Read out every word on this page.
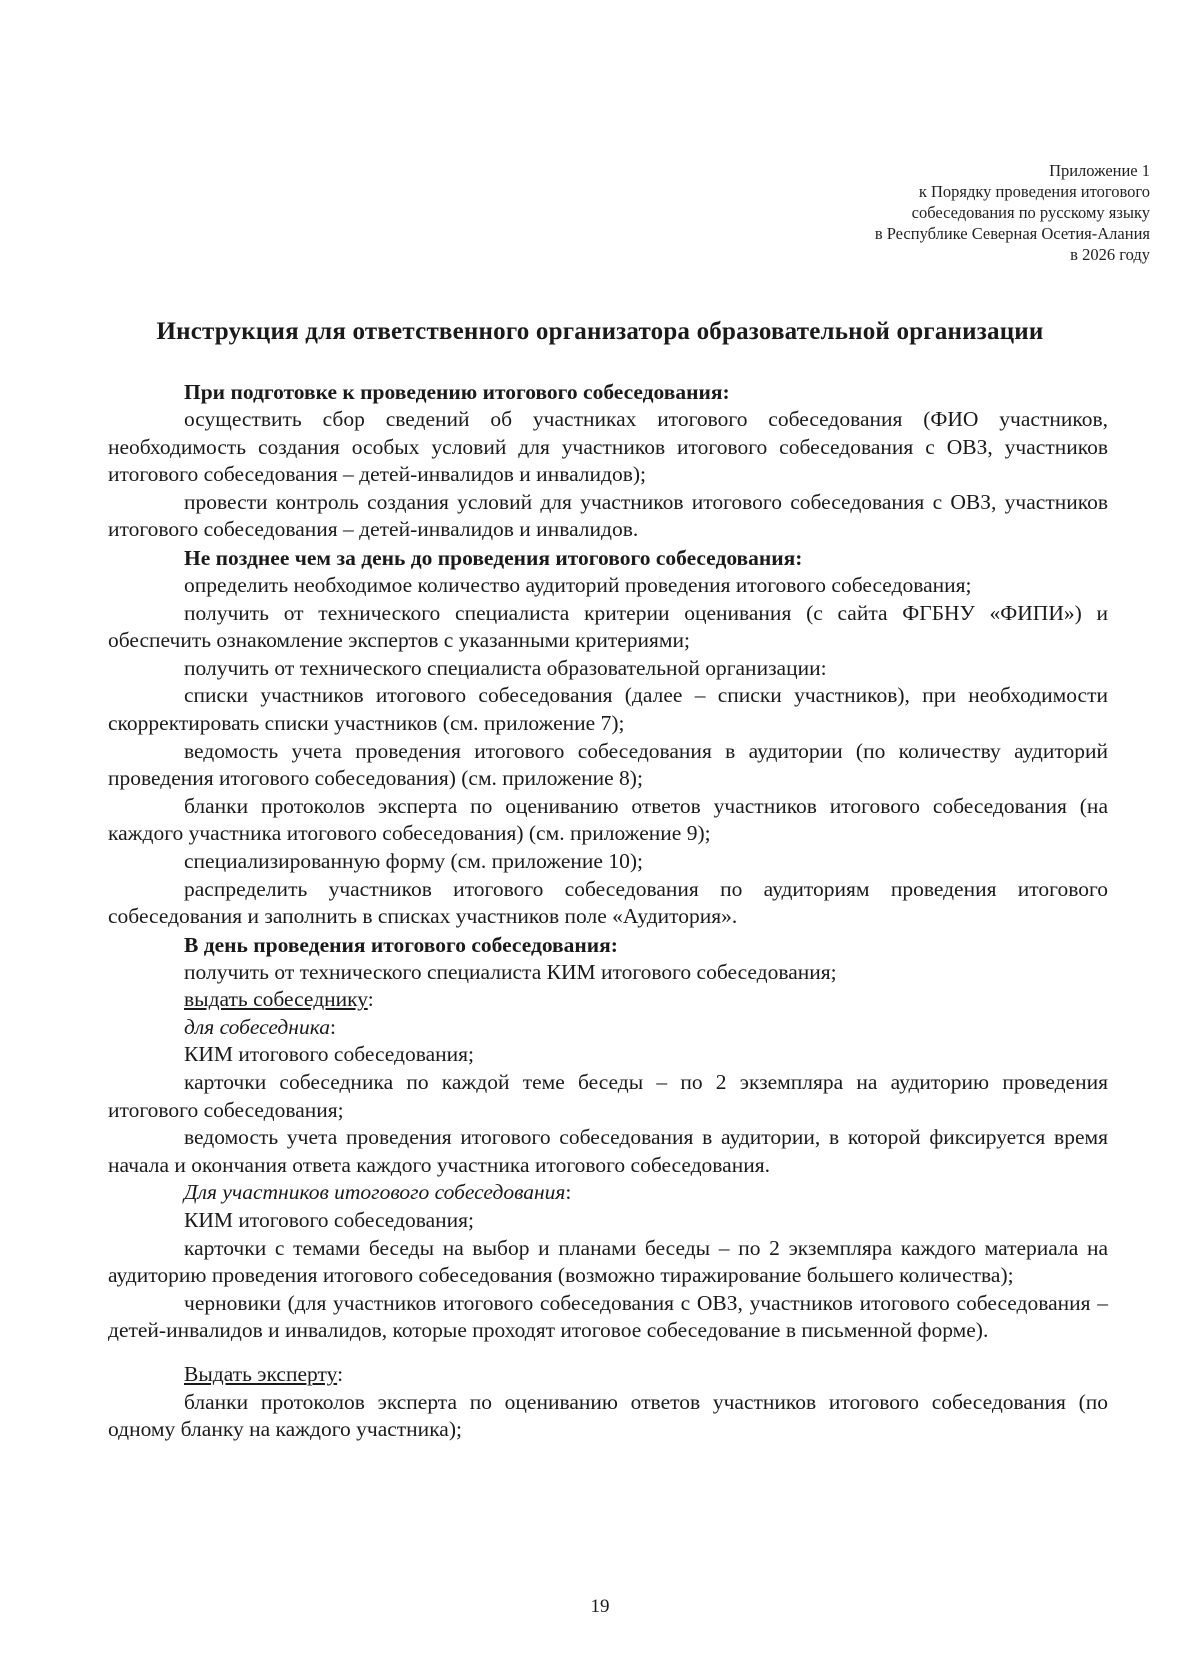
Приложение 1
к Порядку проведения итогового
собеседования по русскому языку
в Республике Северная Осетия-Алания
в 2026 году
Инструкция для ответственного организатора образовательной организации
При подготовке к проведению итогового собеседования:
осуществить сбор сведений об участниках итогового собеседования (ФИО участников, необходимость создания особых условий для участников итогового собеседования с ОВЗ, участников итогового собеседования – детей-инвалидов и инвалидов);
провести контроль создания условий для участников итогового собеседования с ОВЗ, участников итогового собеседования – детей-инвалидов и инвалидов.
Не позднее чем за день до проведения итогового собеседования:
определить необходимое количество аудиторий проведения итогового собеседования;
получить от технического специалиста критерии оценивания (с сайта ФГБНУ «ФИПИ») и обеспечить ознакомление экспертов с указанными критериями;
получить от технического специалиста образовательной организации:
списки участников итогового собеседования (далее – списки участников), при необходимости скорректировать списки участников (см. приложение 7);
ведомость учета проведения итогового собеседования в аудитории (по количеству аудиторий проведения итогового собеседования) (см. приложение 8);
бланки протоколов эксперта по оцениванию ответов участников итогового собеседования (на каждого участника итогового собеседования) (см. приложение 9);
специализированную форму (см. приложение 10);
распределить участников итогового собеседования по аудиториям проведения итогового собеседования и заполнить в списках участников поле «Аудитория».
В день проведения итогового собеседования:
получить от технического специалиста КИМ итогового собеседования;
выдать собеседнику:
для собеседника:
КИМ итогового собеседования;
карточки собеседника по каждой теме беседы – по 2 экземпляра на аудиторию проведения итогового собеседования;
ведомость учета проведения итогового собеседования в аудитории, в которой фиксируется время начала и окончания ответа каждого участника итогового собеседования.
Для участников итогового собеседования:
КИМ итогового собеседования;
карточки с темами беседы на выбор и планами беседы – по 2 экземпляра каждого материала на аудиторию проведения итогового собеседования (возможно тиражирование большего количества);
черновики (для участников итогового собеседования с ОВЗ, участников итогового собеседования – детей-инвалидов и инвалидов, которые проходят итоговое собеседование в письменной форме).
Выдать эксперту:
бланки протоколов эксперта по оцениванию ответов участников итогового собеседования (по одному бланку на каждого участника);
19
